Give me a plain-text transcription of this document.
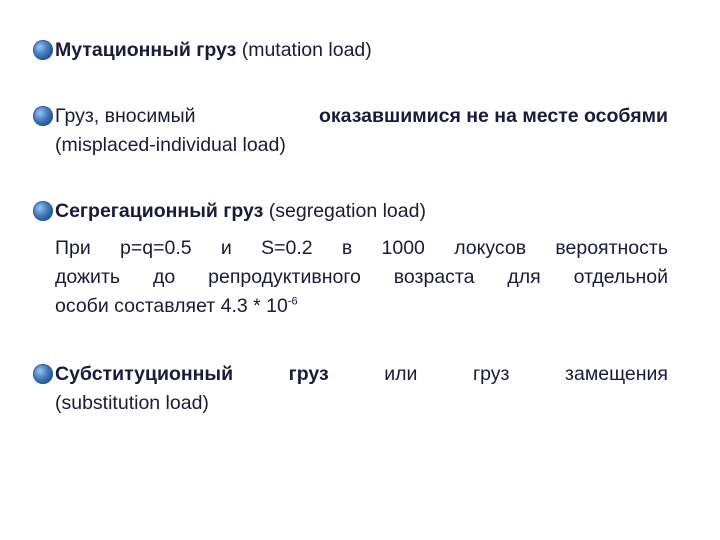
Мутационный груз (mutation load)
Груз, вносимый	оказавшимися не на месте особями
(misplaced-individual load)
Сегрегационный груз (segregation load)
При p=q=0.5 и S=0.2 в 1000 локусов вероятность
дожить до репродуктивного возраста для отдельной
особи составляет $4.3 * 10^{-6}$
Субституционный	груз	или	груз	замещения
(substitution load)
